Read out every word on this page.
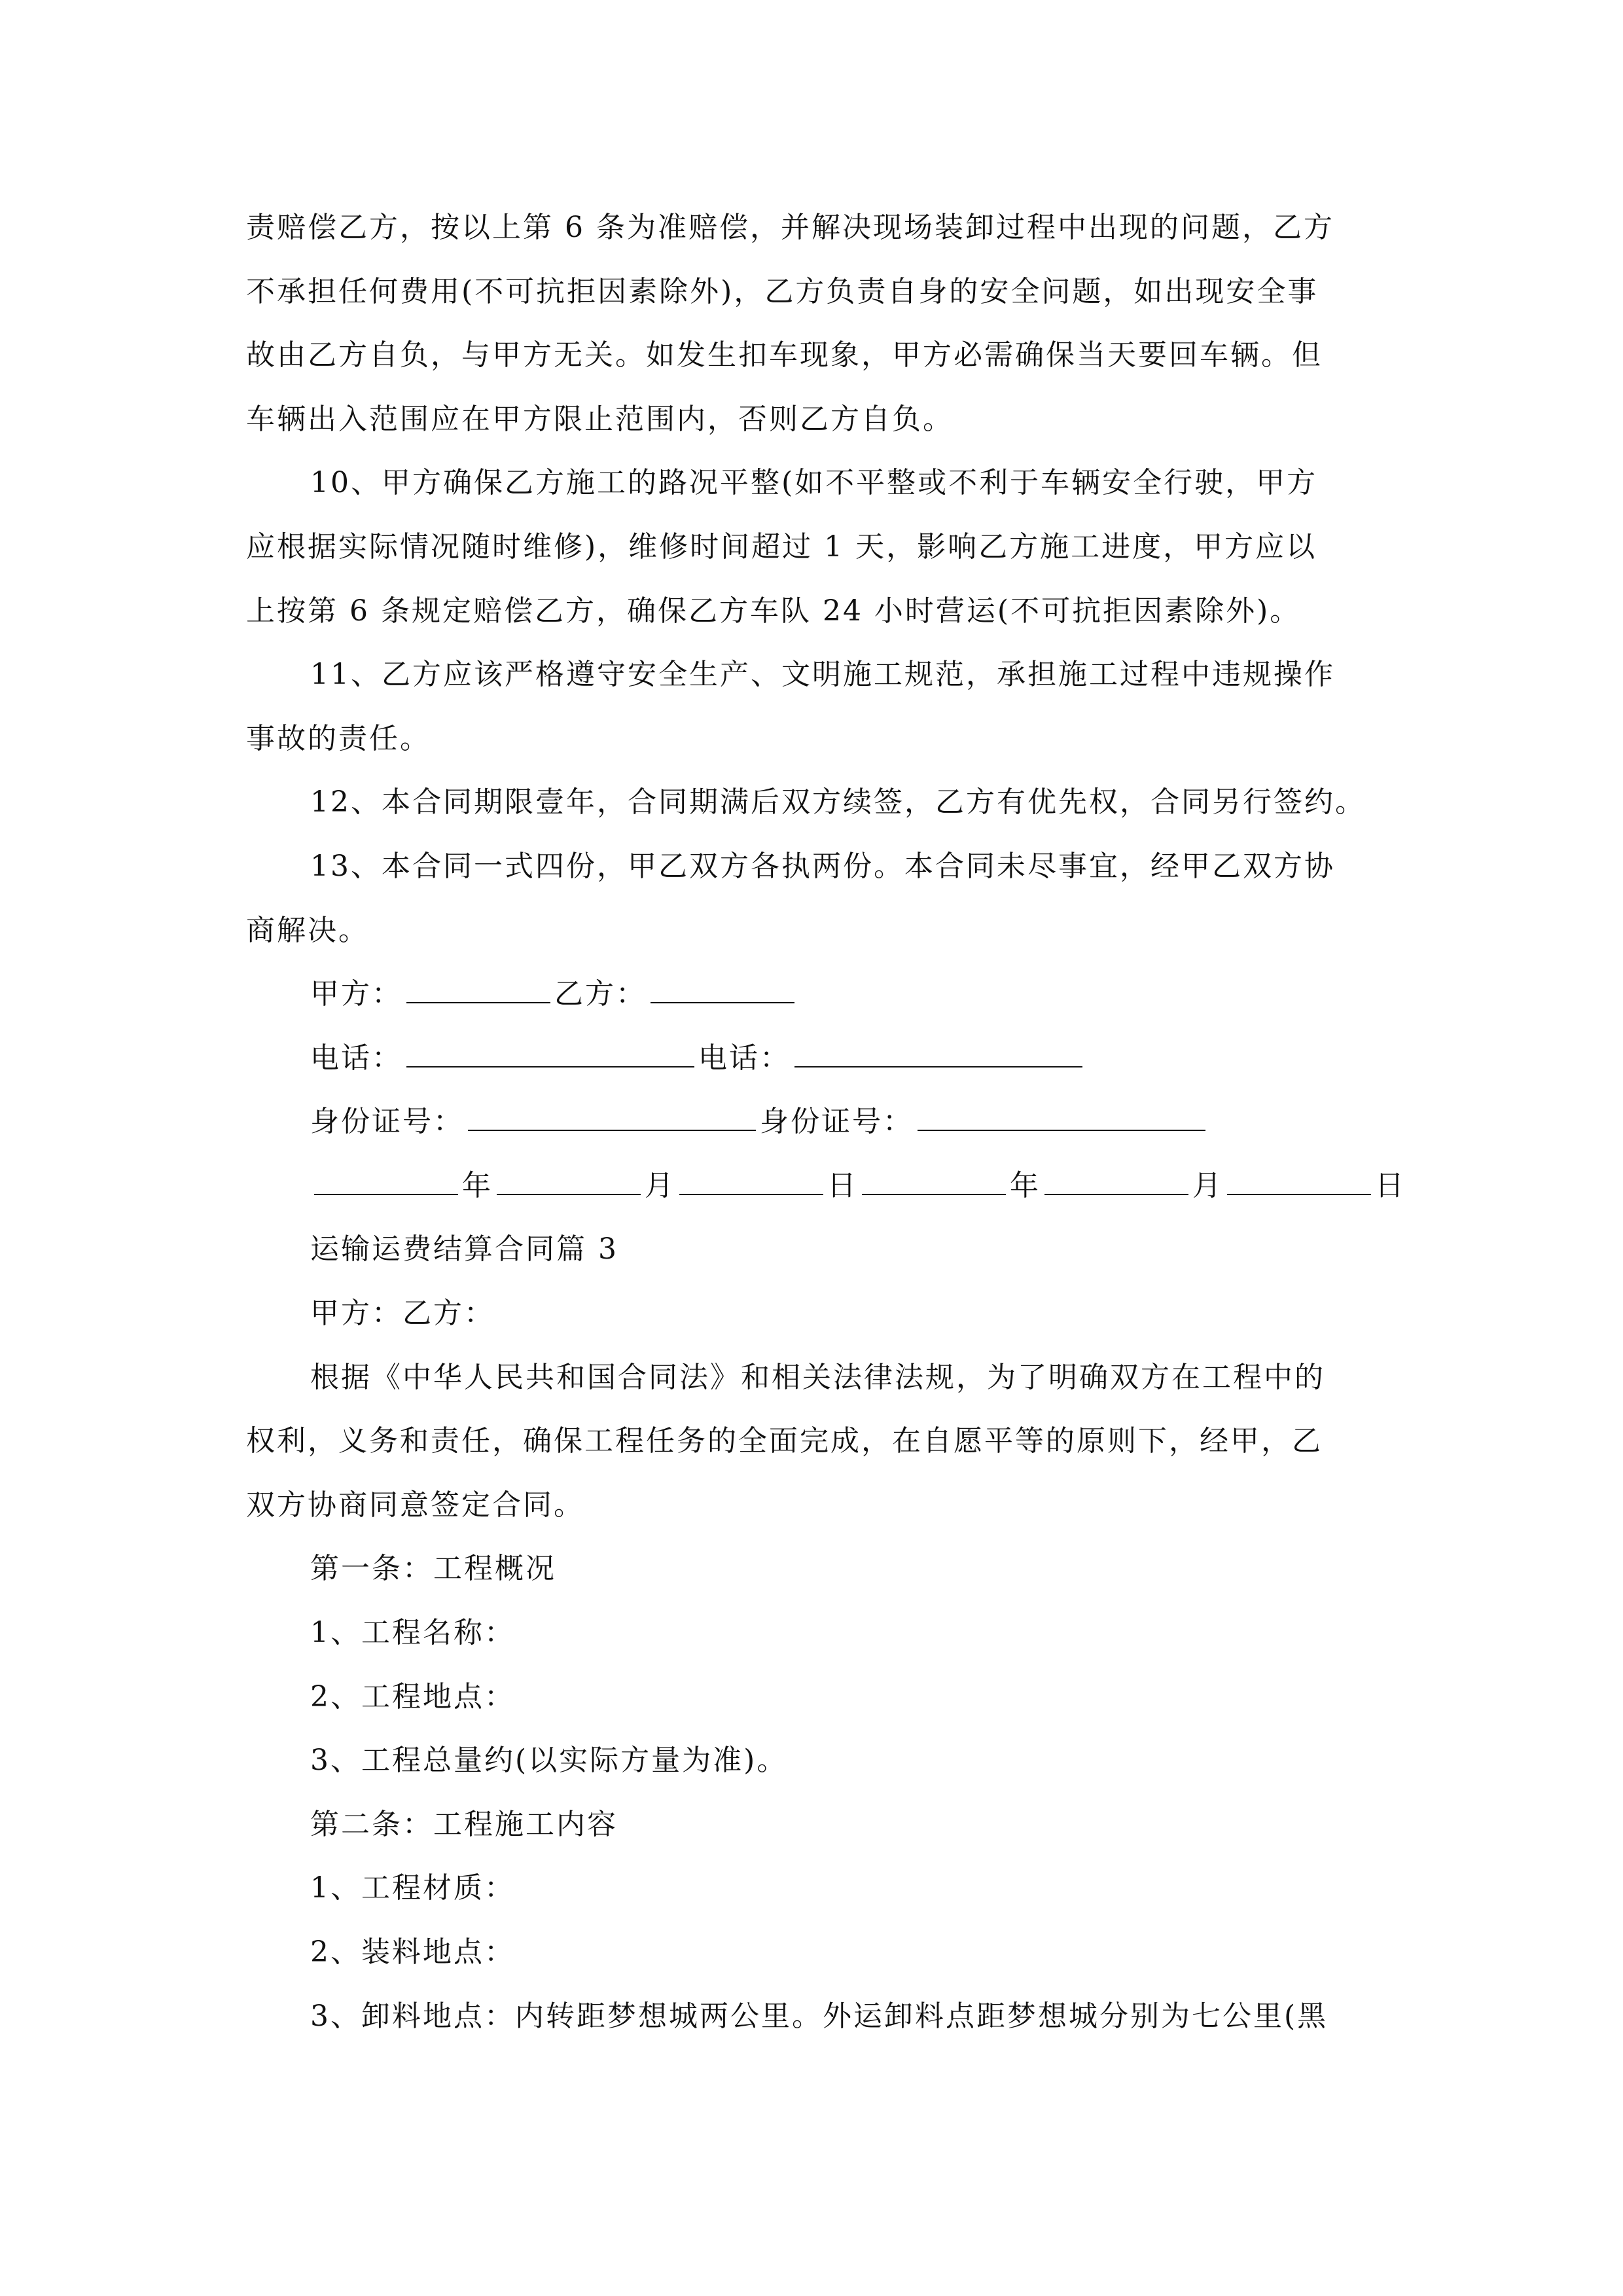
责赔偿乙方，按以上第 6 条为准赔偿，并解决现场装卸过程中出现的问题，乙方
不承担任何费用(不可抗拒因素除外)，乙方负责自身的安全问题，如出现安全事
故由乙方自负，与甲方无关。如发生扣车现象，甲方必需确保当天要回车辆。但
车辆出入范围应在甲方限止范围内，否则乙方自负。
10、甲方确保乙方施工的路况平整(如不平整或不利于车辆安全行驶，甲方
应根据实际情况随时维修)，维修时间超过 1 天，影响乙方施工进度，甲方应以
上按第 6 条规定赔偿乙方，确保乙方车队 24 小时营运(不可抗拒因素除外)。
11、乙方应该严格遵守安全生产、文明施工规范，承担施工过程中违规操作
事故的责任。
12、本合同期限壹年，合同期满后双方续签，乙方有优先权，合同另行签约。
13、本合同一式四份，甲乙双方各执两份。本合同未尽事宜，经甲乙双方协
商解决。
甲方：	乙方：
电话：	电话：
身份证号：	身份证号：
年	月	日	年	月	日
运输运费结算合同篇 3
甲方：乙方：
根据《中华人民共和国合同法》和相关法律法规，为了明确双方在工程中的
权利，义务和责任，确保工程任务的全面完成，在自愿平等的原则下，经甲，乙
双方协商同意签定合同。
第一条：工程概况
1、工程名称：
2、工程地点：
3、工程总量约(以实际方量为准)。
第二条：工程施工内容
1、工程材质：
2、装料地点：
3、卸料地点：内转距梦想城两公里。外运卸料点距梦想城分别为七公里(黑
